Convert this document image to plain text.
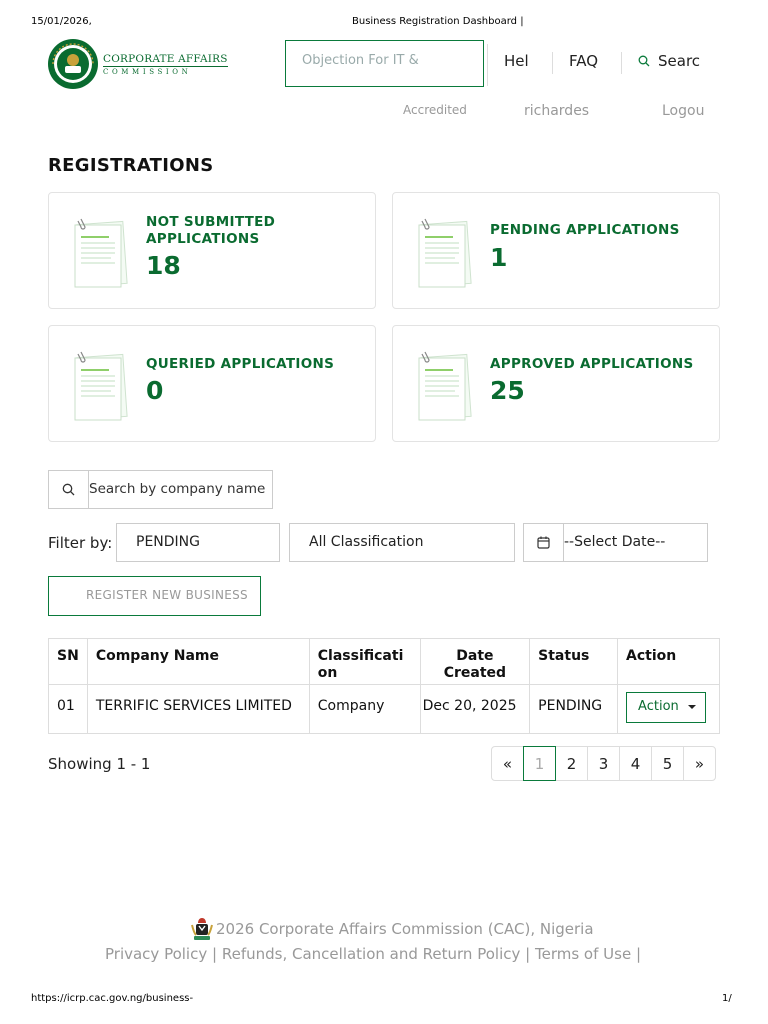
15/01/2026,	Business Registration Dashboard |
CORPORATE AFFAIRS
COMMISSION
Objection For IT &	Hel	FAQ	Searc
Accredited	richardes	Logou
REGISTRATIONS
NOT SUBMITTED APPLICATIONS
18
PENDING APPLICATIONS
1
QUERIED APPLICATIONS
0
APPROVED APPLICATIONS
25
Search by company name
Filter by:	PENDING	All Classification	--Select Date--
REGISTER NEW BUSINESS
SN	Company Name	Classificati on	Date Created	Status	Action
01	TERRIFIC SERVICES LIMITED	Company	Dec 20, 2025	PENDING	Action
Showing 1 - 1	«	1	2	3	4	5	»
2026 Corporate Affairs Commission (CAC), Nigeria
Privacy Policy | Refunds, Cancellation and Return Policy | Terms of Use |
https://icrp.cac.gov.ng/business-	1/
